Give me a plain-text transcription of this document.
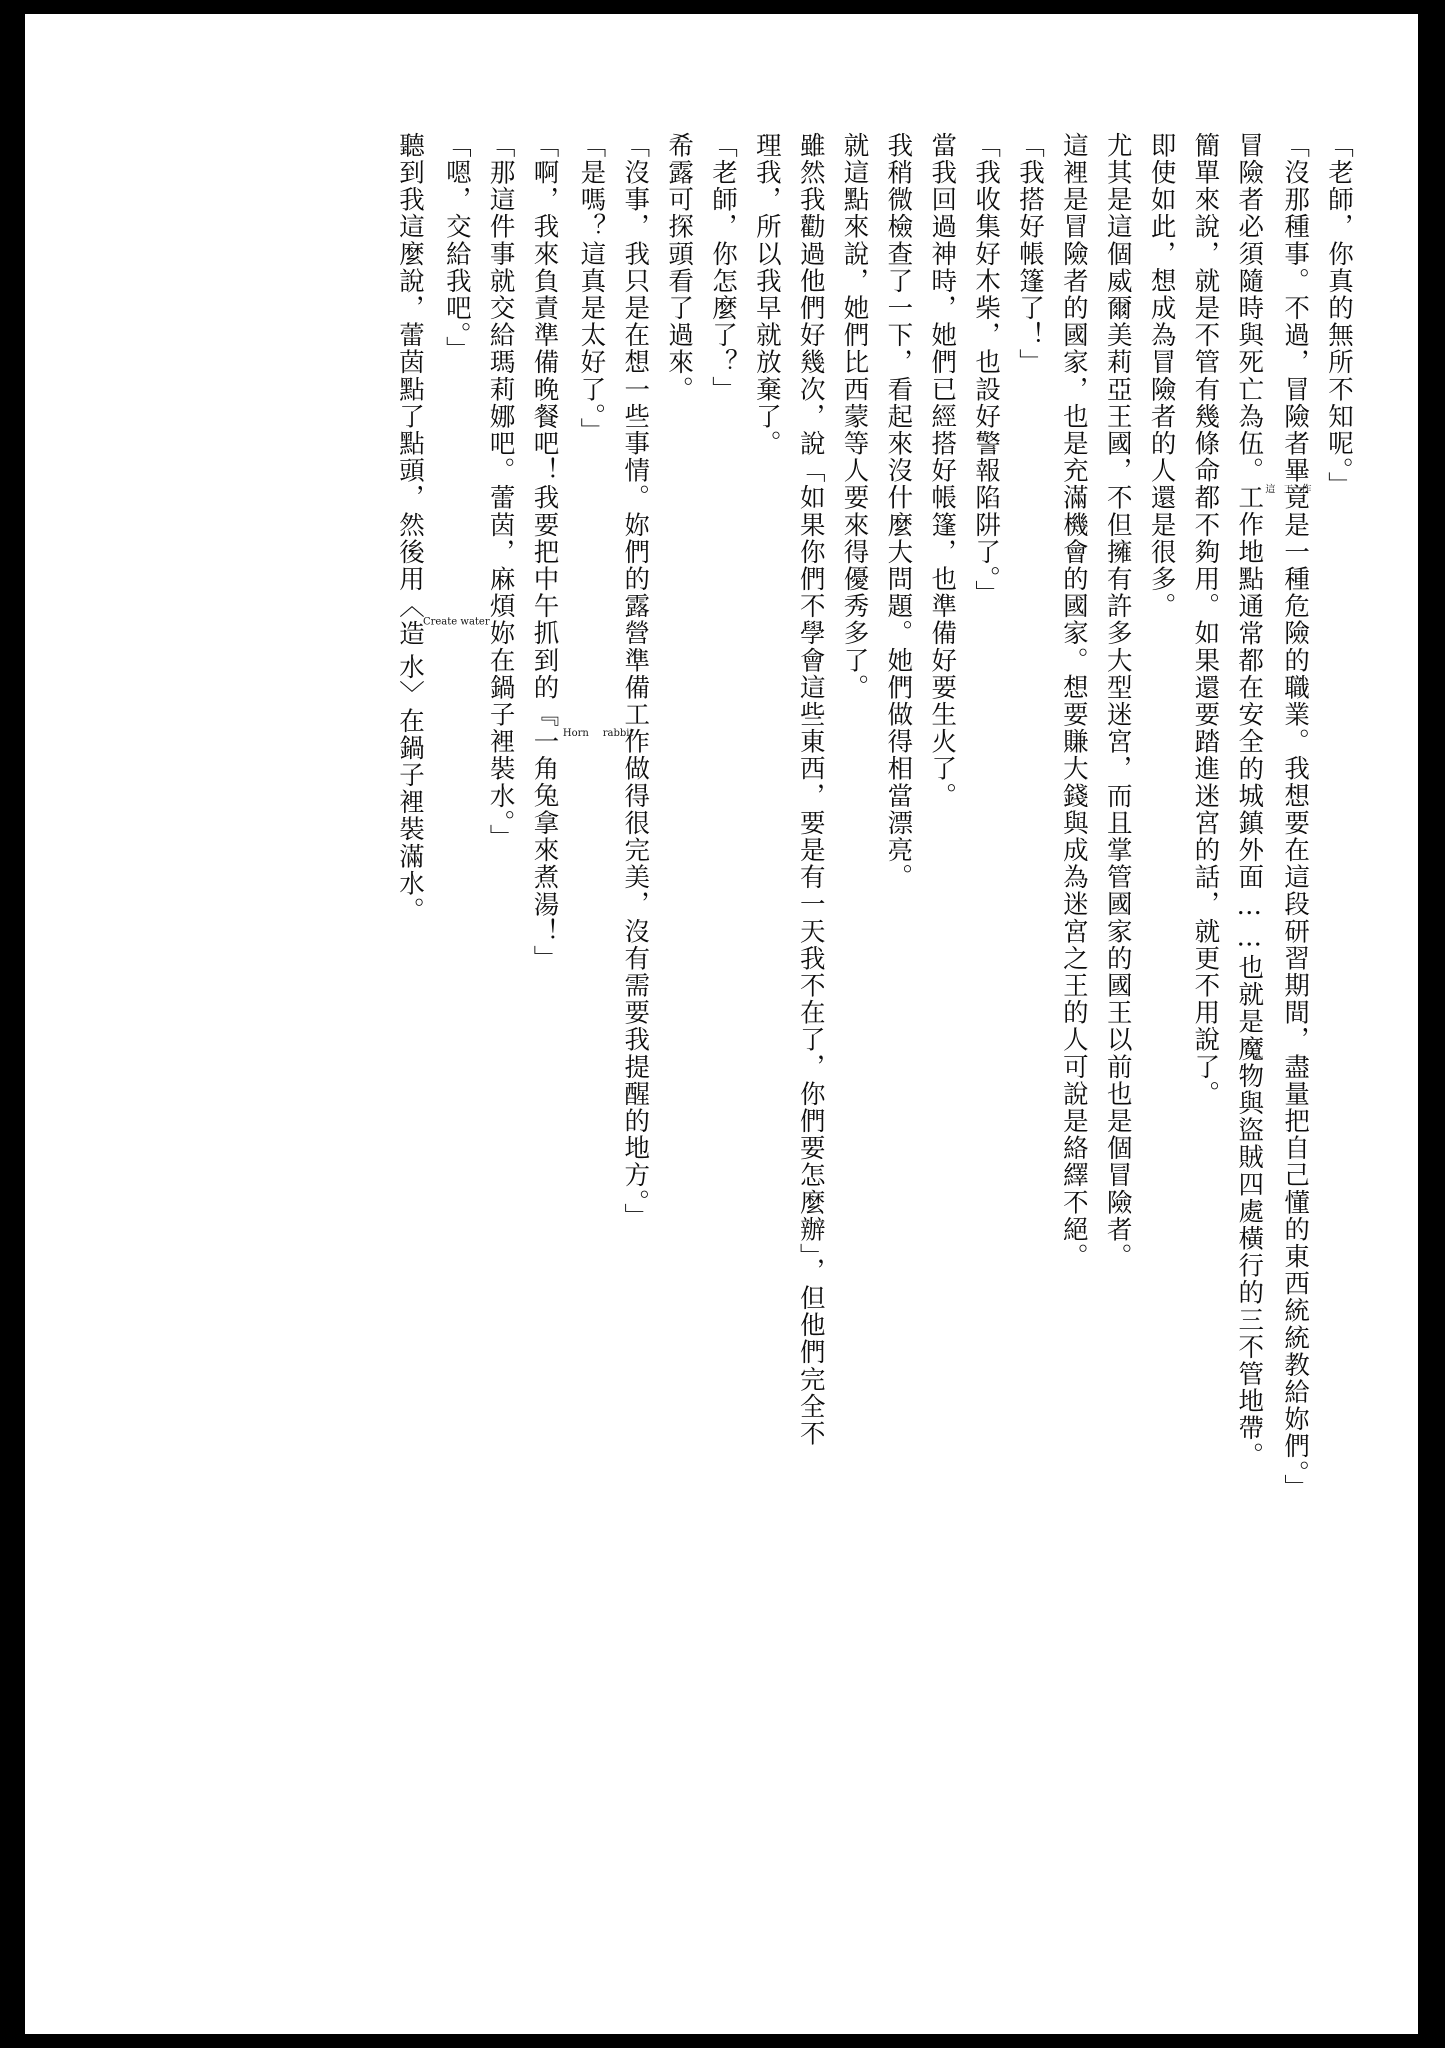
「老師，你真的無所不知呢。」

「沒那種事。不過，冒險者畢竟是一種危險的職業。我想要在這段研習期間，盡量把自己懂的東西統統教給妳們。」

冒險者必須隨時與死亡為伍。工作這工作地點通常都在安全的城鎮外面……也就是魔物與盜賊四處橫行的三不管地帶。

簡單來說，就是不管有幾條命都不夠用。如果還要踏進迷宮的話，就更不用說了。

即使如此，想成為冒險者的人還是很多。

尤其是這個威爾美莉亞王國，不但擁有許多大型迷宮，而且掌管國家的國王以前也是個冒險者。

這裡是冒險者的國家，也是充滿機會的國家。想要賺大錢與成為迷宮之王的人可說是絡繹不絕。

「我搭好帳篷了！」

「我收集好木柴，也設好警報陷阱了。」

當我回過神時，她們已經搭好帳篷，也準備好要生火了。

我稍微檢查了一下，看起來沒什麼大問題。她們做得相當漂亮。

就這點來說，她們比西蒙等人要來得優秀多了。

雖然我勸過他們好幾次，說「如果你們不學會這些東西，要是有一天我不在了，你們要怎麼辦」，但他們完全不

理我，所以我早就放棄了。

「老師，你怎麼了？」

希露可探頭看了過來。

「沒事，我只是在想一些事情。妳們的露營準備工作做得很完美，沒有需要我提醒的地方。」

「是嗎？這真是太好了。」

「啊，我來負責準備晚餐吧！我要把中午抓到的『一角兔Horn rabbit拿來煮湯！」

「那這件事就交給瑪莉娜吧。蕾茵，麻煩妳在鍋子裡裝水。」

「嗯，交給我吧。」

聽到我這麼說，蕾茵點了點頭，然後用〈造水Create water〉在鍋子裡裝滿水。
